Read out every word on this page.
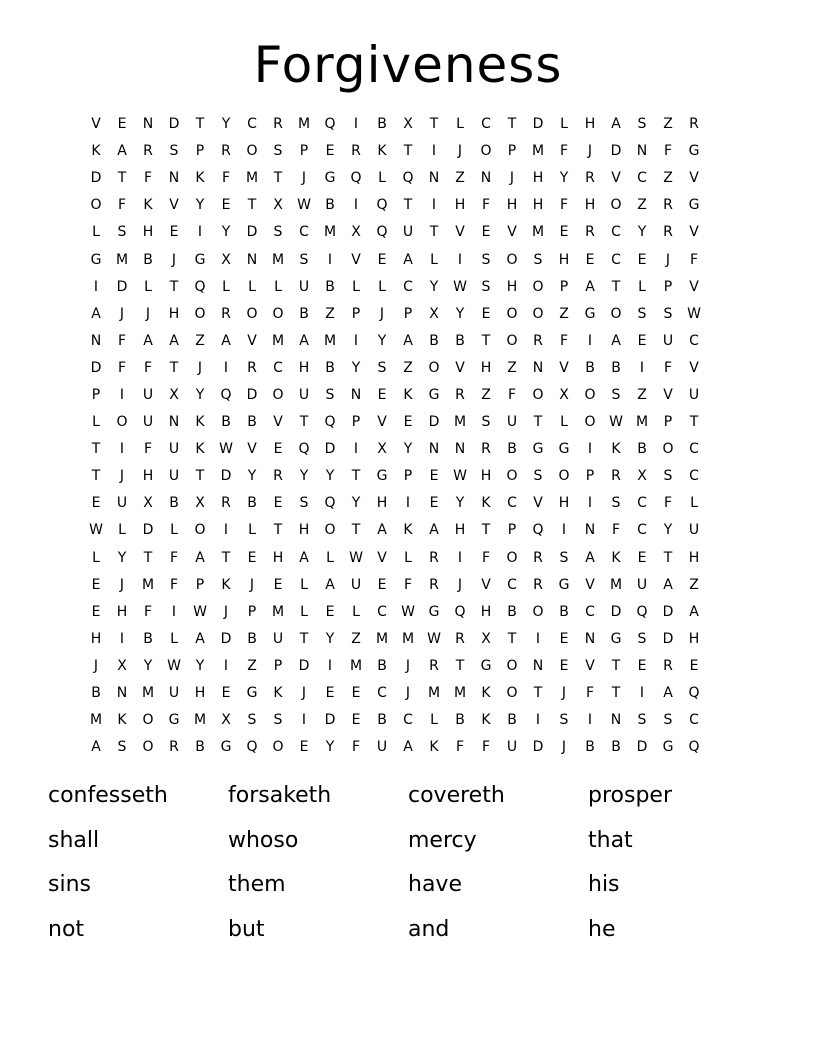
Forgiveness
V	E	N	D	T	Y	C	R	M	Q	I	B	X	T	L	C	T	D	L	H	A	S	Z	R
K	A	R	S	P	R	O	S	P	E	R	K	T	I	J	O	P	M	F	J	D	N	F	G
D	T	F	N	K	F	M	T	J	G	Q	L	Q	N	Z	N	J	H	Y	R	V	C	Z	V
O	F	K	V	Y	E	T	X	W	B	I	Q	T	I	H	F	H	H	F	H	O	Z	R	G
L	S	H	E	I	Y	D	S	C	M	X	Q	U	T	V	E	V	M	E	R	C	Y	R	V
G	M	B	J	G	X	N	M	S	I	V	E	A	L	I	S	O	S	H	E	C	E	J	F
I	D	L	T	Q	L	L	L	U	B	L	L	C	Y	W	S	H	O	P	A	T	L	P	V
A	J	J	H	O	R	O	O	B	Z	P	J	P	X	Y	E	O	O	Z	G	O	S	S	W
N	F	A	A	Z	A	V	M	A	M	I	Y	A	B	B	T	O	R	F	I	A	E	U	C
D	F	F	T	J	I	R	C	H	B	Y	S	Z	O	V	H	Z	N	V	B	B	I	F	V
P	I	U	X	Y	Q	D	O	U	S	N	E	K	G	R	Z	F	O	X	O	S	Z	V	U
L	O	U	N	K	B	B	V	T	Q	P	V	E	D	M	S	U	T	L	O W M	P	T
T	I	F	U	K	W	V	E	Q	D	I	X	Y	N	N	R	B	G	G	I	K	B	O	C
T	J	H	U	T	D	Y	R	Y	Y	T	G	P	E	W H	O	S	O	P	R	X	S	C
E	U	X	B	X	R	B	E	S	Q	Y	H	I	E	Y	K	C	V	H	I	S	C	F	L
W	L	D	L	O	I	L	T	H	O	T	A	K	A	H	T	P	Q	I	N	F	C	Y	U
L	Y	T	F	A	T	E	H	A	L	W	V	L	R	I	F	O	R	S	A	K	E	T	H
E	J	M	F	P	K	J	E	L	A	U	E	F	R	J	V	C	R	G	V	M	U	A	Z
E	H	F	I	W	J	P	M	L	E	L	C	W G	Q	H	B	O	B	C	D	Q	D	A
H	I	B	L	A	D	B	U	T	Y	Z	M M W	R	X	T	I	E	N	G	S	D	H
J	X	Y	W	Y	I	Z	P	D	I	M	B	J	R	T	G	O	N	E	V	T	E	R	E
B	N	M	U	H	E	G	K	J	E	E	C	J	M M	K	O	T	J	F	T	I	A	Q
M	K	O	G	M	X	S	S	I	D	E	B	C	L	B	K	B	I	S	I	N	S	S	C
A	S	O	R	B	G	Q	O	E	Y	F	U	A	K	F	F	U	D	J	B	B	D	G	Q
confesseth	forsaketh	covereth	prosper
shall	whoso	mercy	that
sins	them	have	his
not	but	and	he
